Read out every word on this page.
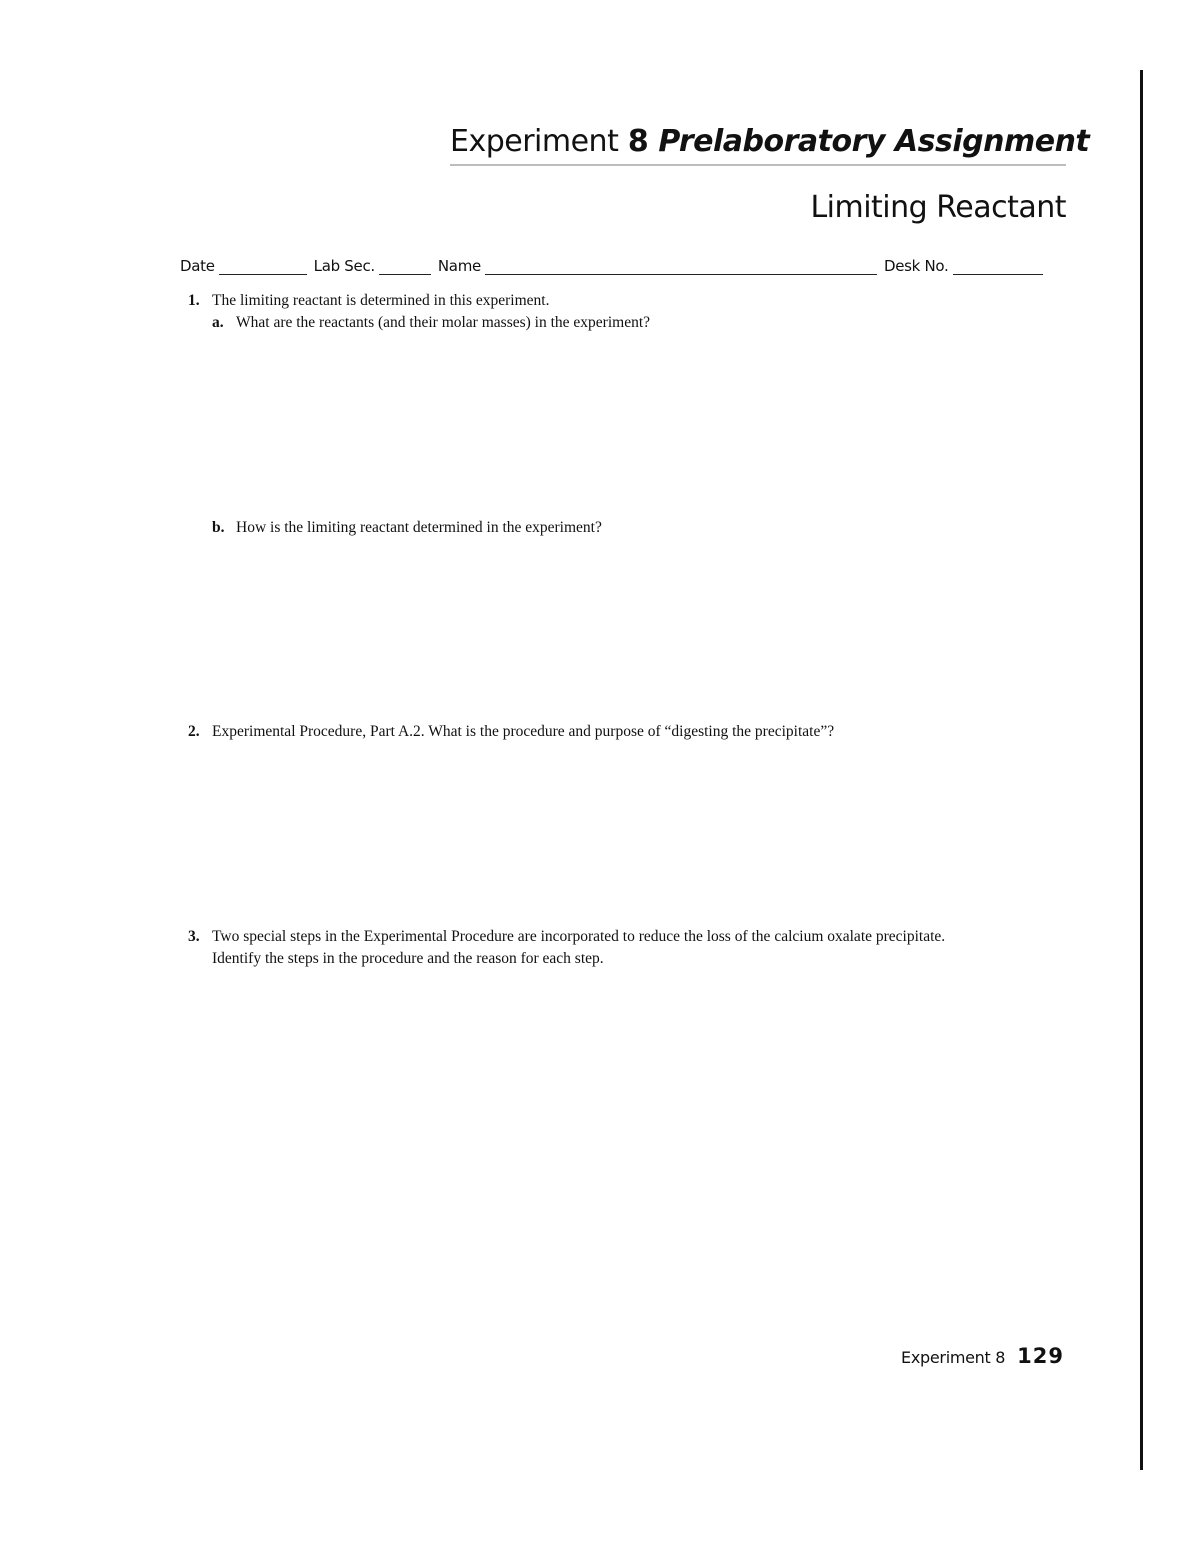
Experiment 8 Prelaboratory Assignment
Limiting Reactant
Date	Lab Sec.	Name	Desk No.
1. The limiting reactant is determined in this experiment.
a. What are the reactants (and their molar masses) in the experiment?
b. How is the limiting reactant determined in the experiment?
2. Experimental Procedure, Part A.2. What is the procedure and purpose of “digesting the precipitate”?
3. Two special steps in the Experimental Procedure are incorporated to reduce the loss of the calcium oxalate precipitate.
Identify the steps in the procedure and the reason for each step.
Experiment 8 129
